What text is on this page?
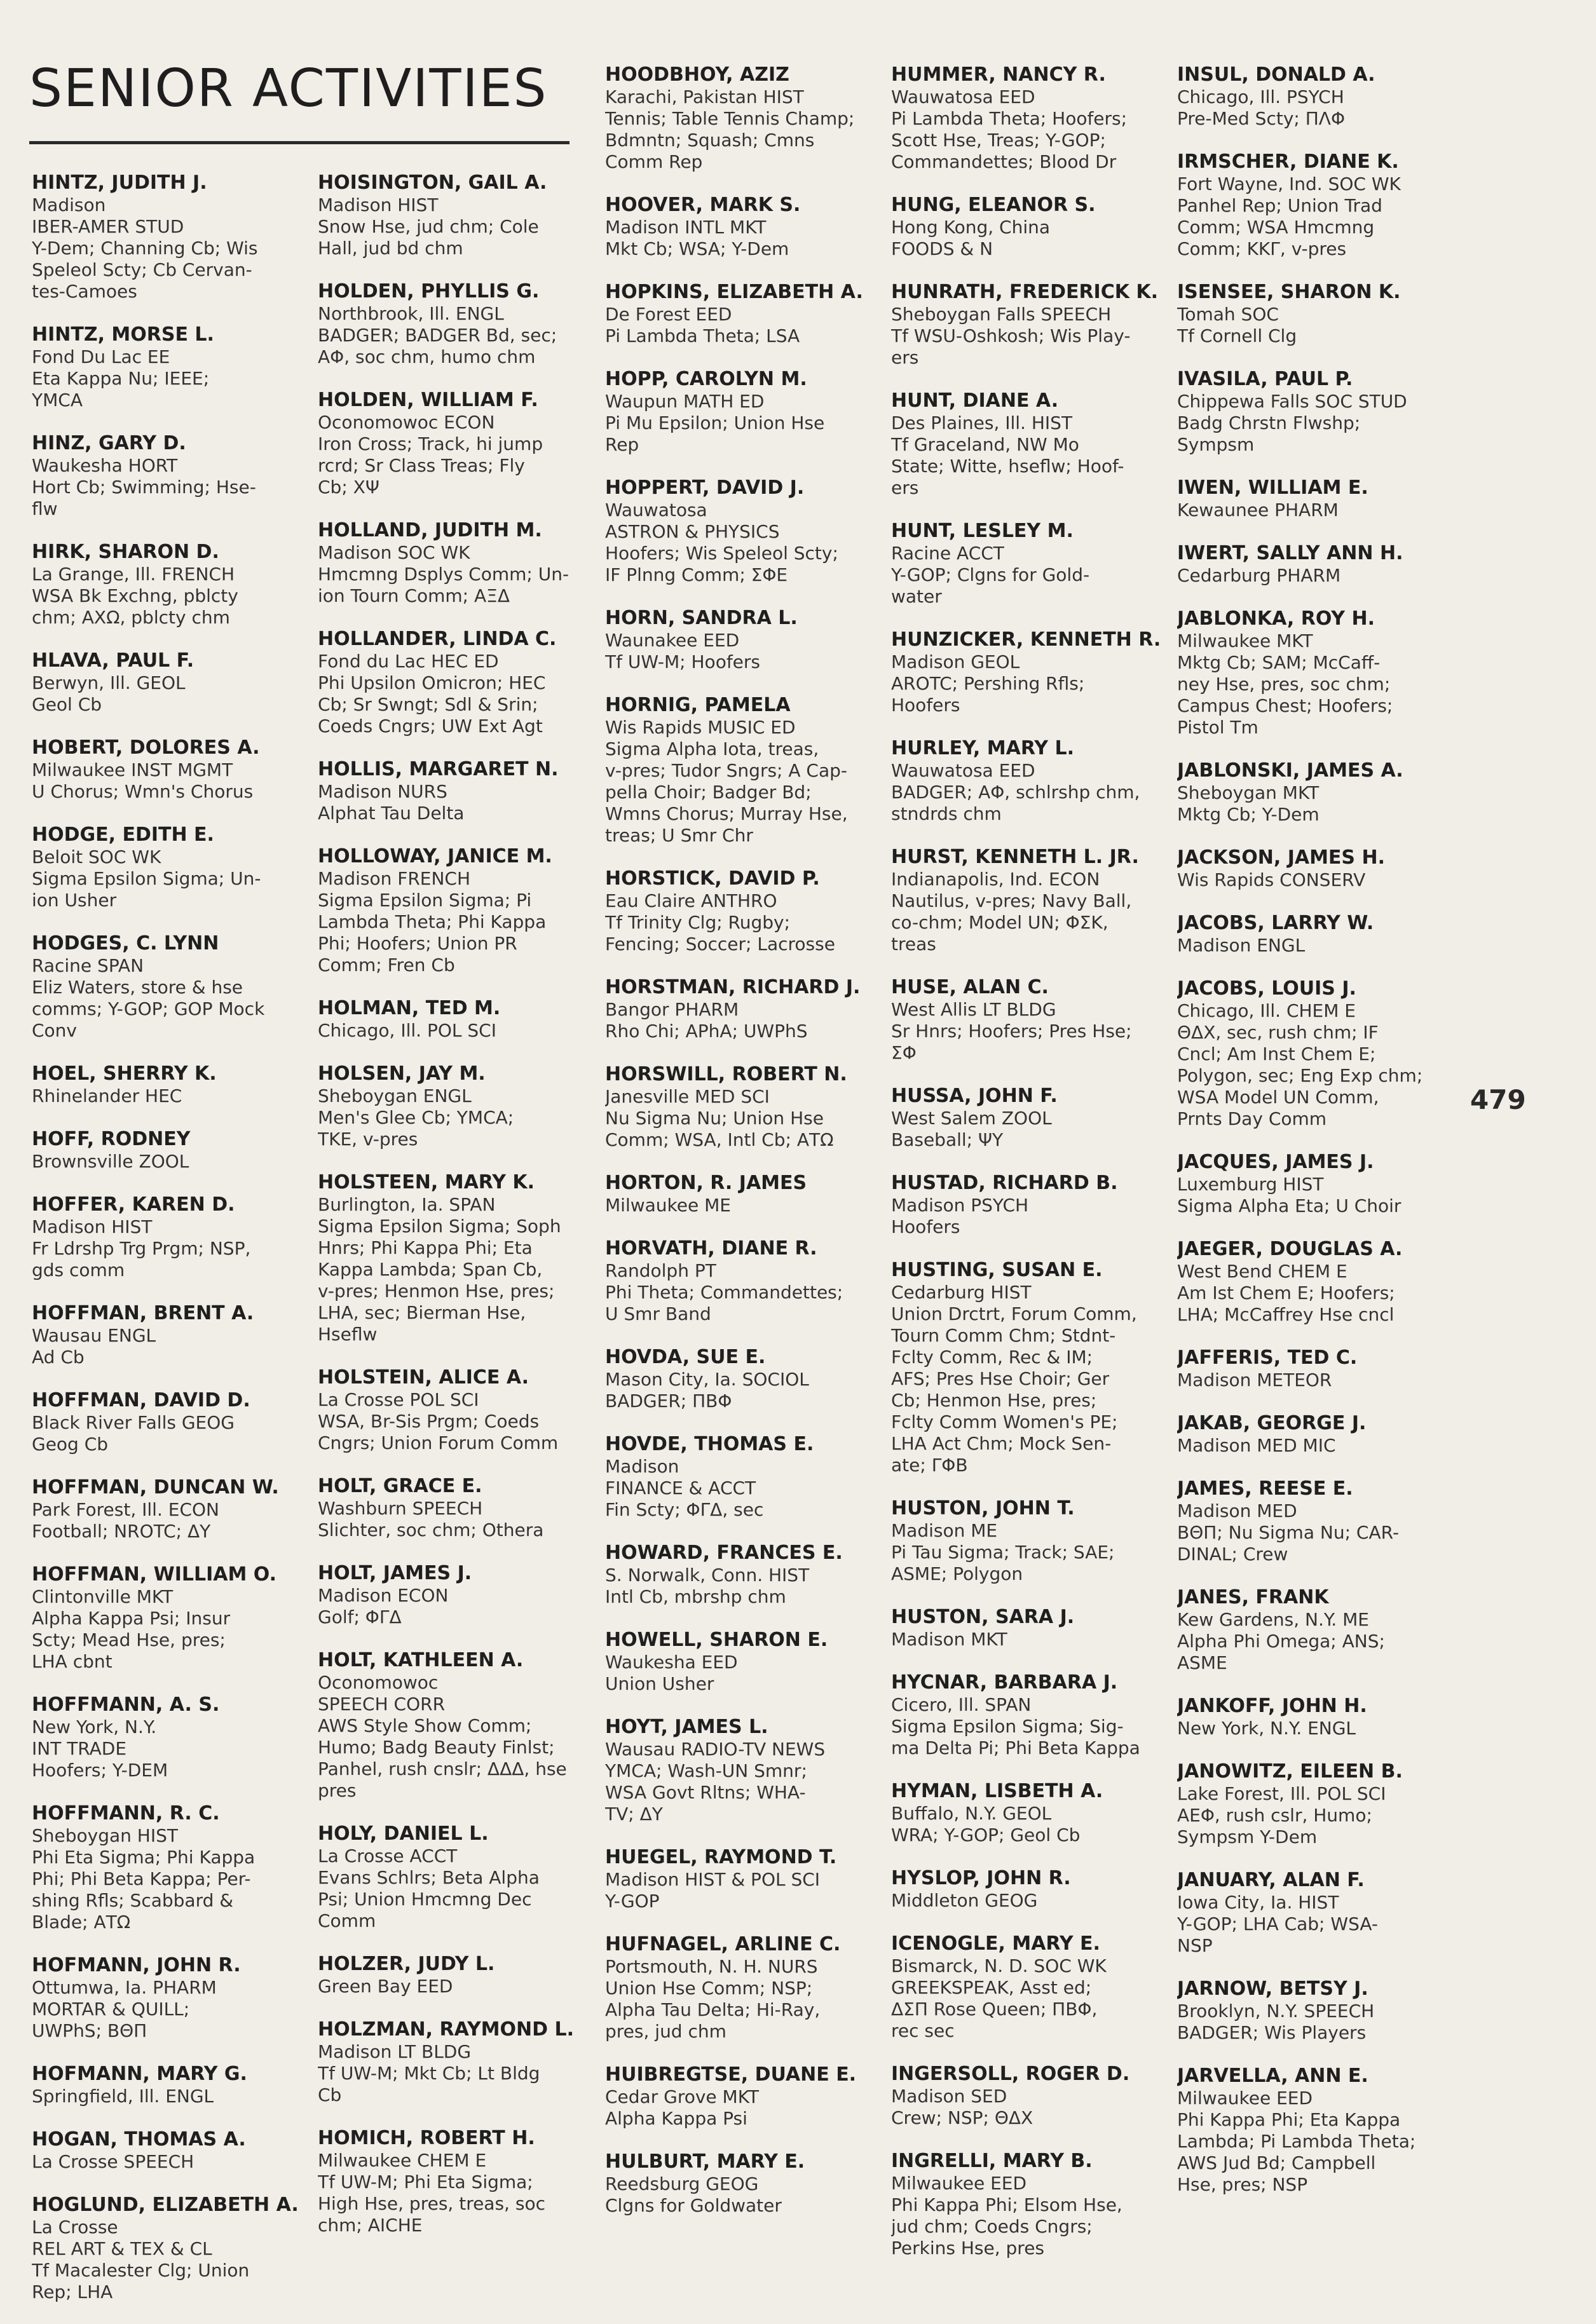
SENIOR ACTIVITIES
HINTZ, JUDITH J.
Madison
IBER-AMER STUD
Y-Dem; Channing Cb; Wis
Speleol Scty; Cb Cervan-
tes-Camoes
HINTZ, MORSE L.
Fond Du Lac EE
Eta Kappa Nu; IEEE;
YMCA
HINZ, GARY D.
Waukesha HORT
Hort Cb; Swimming; Hse-
flw
HIRK, SHARON D.
La Grange, Ill. FRENCH
WSA Bk Exchng, pblcty
chm; ΑΧΩ, pblcty chm
HLAVA, PAUL F.
Berwyn, Ill. GEOL
Geol Cb
HOBERT, DOLORES A.
Milwaukee INST MGMT
U Chorus; Wmn's Chorus
HODGE, EDITH E.
Beloit SOC WK
Sigma Epsilon Sigma; Un-
ion Usher
HODGES, C. LYNN
Racine SPAN
Eliz Waters, store & hse
comms; Y-GOP; GOP Mock
Conv
HOEL, SHERRY K.
Rhinelander HEC
HOFF, RODNEY
Brownsville ZOOL
HOFFER, KAREN D.
Madison HIST
Fr Ldrshp Trg Prgm; NSP,
gds comm
HOFFMAN, BRENT A.
Wausau ENGL
Ad Cb
HOFFMAN, DAVID D.
Black River Falls GEOG
Geog Cb
HOFFMAN, DUNCAN W.
Park Forest, Ill. ECON
Football; NROTC; ΔΥ
HOFFMAN, WILLIAM O.
Clintonville MKT
Alpha Kappa Psi; Insur
Scty; Mead Hse, pres;
LHA cbnt
HOFFMANN, A. S.
New York, N.Y.
INT TRADE
Hoofers; Y-DEM
HOFFMANN, R. C.
Sheboygan HIST
Phi Eta Sigma; Phi Kappa
Phi; Phi Beta Kappa; Per-
shing Rfls; Scabbard &
Blade; ΑΤΩ
HOFMANN, JOHN R.
Ottumwa, Ia. PHARM
MORTAR & QUILL;
UWPhS; ΒΘΠ
HOFMANN, MARY G.
Springfield, Ill. ENGL
HOGAN, THOMAS A.
La Crosse SPEECH
HOGLUND, ELIZABETH A.
La Crosse
REL ART & TEX & CL
Tf Macalester Clg; Union
Rep; LHA
HOISINGTON, GAIL A.
Madison HIST
Snow Hse, jud chm; Cole
Hall, jud bd chm
HOLDEN, PHYLLIS G.
Northbrook, Ill. ENGL
BADGER; BADGER Bd, sec;
ΑΦ, soc chm, humo chm
HOLDEN, WILLIAM F.
Oconomowoc ECON
Iron Cross; Track, hi jump
rcrd; Sr Class Treas; Fly
Cb; ΧΨ
HOLLAND, JUDITH M.
Madison SOC WK
Hmcmng Dsplys Comm; Un-
ion Tourn Comm; ΑΞΔ
HOLLANDER, LINDA C.
Fond du Lac HEC ED
Phi Upsilon Omicron; HEC
Cb; Sr Swngt; Sdl & Srin;
Coeds Cngrs; UW Ext Agt
HOLLIS, MARGARET N.
Madison NURS
Alphat Tau Delta
HOLLOWAY, JANICE M.
Madison FRENCH
Sigma Epsilon Sigma; Pi
Lambda Theta; Phi Kappa
Phi; Hoofers; Union PR
Comm; Fren Cb
HOLMAN, TED M.
Chicago, Ill. POL SCI
HOLSEN, JAY M.
Sheboygan ENGL
Men's Glee Cb; YMCA;
TKE, v-pres
HOLSTEEN, MARY K.
Burlington, Ia. SPAN
Sigma Epsilon Sigma; Soph
Hnrs; Phi Kappa Phi; Eta
Kappa Lambda; Span Cb,
v-pres; Henmon Hse, pres;
LHA, sec; Bierman Hse,
Hseflw
HOLSTEIN, ALICE A.
La Crosse POL SCI
WSA, Br-Sis Prgm; Coeds
Cngrs; Union Forum Comm
HOLT, GRACE E.
Washburn SPEECH
Slichter, soc chm; Othera
HOLT, JAMES J.
Madison ECON
Golf; ΦΓΔ
HOLT, KATHLEEN A.
Oconomowoc
SPEECH CORR
AWS Style Show Comm;
Humo; Badg Beauty Finlst;
Panhel, rush cnslr; ΔΔΔ, hse
pres
HOLY, DANIEL L.
La Crosse ACCT
Evans Schlrs; Beta Alpha
Psi; Union Hmcmng Dec
Comm
HOLZER, JUDY L.
Green Bay EED
HOLZMAN, RAYMOND L.
Madison LT BLDG
Tf UW-M; Mkt Cb; Lt Bldg
Cb
HOMICH, ROBERT H.
Milwaukee CHEM E
Tf UW-M; Phi Eta Sigma;
High Hse, pres, treas, soc
chm; AICHE
HOODBHOY, AZIZ
Karachi, Pakistan HIST
Tennis; Table Tennis Champ;
Bdmntn; Squash; Cmns
Comm Rep
HOOVER, MARK S.
Madison INTL MKT
Mkt Cb; WSA; Y-Dem
HOPKINS, ELIZABETH A.
De Forest EED
Pi Lambda Theta; LSA
HOPP, CAROLYN M.
Waupun MATH ED
Pi Mu Epsilon; Union Hse
Rep
HOPPERT, DAVID J.
Wauwatosa
ASTRON & PHYSICS
Hoofers; Wis Speleol Scty;
IF Plnng Comm; ΣΦΕ
HORN, SANDRA L.
Waunakee EED
Tf UW-M; Hoofers
HORNIG, PAMELA
Wis Rapids MUSIC ED
Sigma Alpha Iota, treas,
v-pres; Tudor Sngrs; A Cap-
pella Choir; Badger Bd;
Wmns Chorus; Murray Hse,
treas; U Smr Chr
HORSTICK, DAVID P.
Eau Claire ANTHRO
Tf Trinity Clg; Rugby;
Fencing; Soccer; Lacrosse
HORSTMAN, RICHARD J.
Bangor PHARM
Rho Chi; APhA; UWPhS
HORSWILL, ROBERT N.
Janesville MED SCI
Nu Sigma Nu; Union Hse
Comm; WSA, Intl Cb; ΑΤΩ
HORTON, R. JAMES
Milwaukee ME
HORVATH, DIANE R.
Randolph PT
Phi Theta; Commandettes;
U Smr Band
HOVDA, SUE E.
Mason City, Ia. SOCIOL
BADGER; ΠΒΦ
HOVDE, THOMAS E.
Madison
FINANCE & ACCT
Fin Scty; ΦΓΔ, sec
HOWARD, FRANCES E.
S. Norwalk, Conn. HIST
Intl Cb, mbrshp chm
HOWELL, SHARON E.
Waukesha EED
Union Usher
HOYT, JAMES L.
Wausau RADIO-TV NEWS
YMCA; Wash-UN Smnr;
WSA Govt Rltns; WHA-
TV; ΔΥ
HUEGEL, RAYMOND T.
Madison HIST & POL SCI
Y-GOP
HUFNAGEL, ARLINE C.
Portsmouth, N. H. NURS
Union Hse Comm; NSP;
Alpha Tau Delta; Hi-Ray,
pres, jud chm
HUIBREGTSE, DUANE E.
Cedar Grove MKT
Alpha Kappa Psi
HULBURT, MARY E.
Reedsburg GEOG
Clgns for Goldwater
HUMMER, NANCY R.
Wauwatosa EED
Pi Lambda Theta; Hoofers;
Scott Hse, Treas; Y-GOP;
Commandettes; Blood Dr
HUNG, ELEANOR S.
Hong Kong, China
FOODS & N
HUNRATH, FREDERICK K.
Sheboygan Falls SPEECH
Tf WSU-Oshkosh; Wis Play-
ers
HUNT, DIANE A.
Des Plaines, Ill. HIST
Tf Graceland, NW Mo
State; Witte, hseflw; Hoof-
ers
HUNT, LESLEY M.
Racine ACCT
Y-GOP; Clgns for Gold-
water
HUNZICKER, KENNETH R.
Madison GEOL
AROTC; Pershing Rfls;
Hoofers
HURLEY, MARY L.
Wauwatosa EED
BADGER; ΑΦ, schlrshp chm,
stndrds chm
HURST, KENNETH L. JR.
Indianapolis, Ind. ECON
Nautilus, v-pres; Navy Ball,
co-chm; Model UN; ΦΣΚ,
treas
HUSE, ALAN C.
West Allis LT BLDG
Sr Hnrs; Hoofers; Pres Hse;
ΣΦ
HUSSA, JOHN F.
West Salem ZOOL
Baseball; ΨΥ
HUSTAD, RICHARD B.
Madison PSYCH
Hoofers
HUSTING, SUSAN E.
Cedarburg HIST
Union Drctrt, Forum Comm,
Tourn Comm Chm; Stdnt-
Fclty Comm, Rec & IM;
AFS; Pres Hse Choir; Ger
Cb; Henmon Hse, pres;
Fclty Comm Women's PE;
LHA Act Chm; Mock Sen-
ate; ΓΦΒ
HUSTON, JOHN T.
Madison ME
Pi Tau Sigma; Track; SAE;
ASME; Polygon
HUSTON, SARA J.
Madison MKT
HYCNAR, BARBARA J.
Cicero, Ill. SPAN
Sigma Epsilon Sigma; Sig-
ma Delta Pi; Phi Beta Kappa
HYMAN, LISBETH A.
Buffalo, N.Y. GEOL
WRA; Y-GOP; Geol Cb
HYSLOP, JOHN R.
Middleton GEOG
ICENOGLE, MARY E.
Bismarck, N. D. SOC WK
GREEKSPEAK, Asst ed;
ΔΣΠ Rose Queen; ΠΒΦ,
rec sec
INGERSOLL, ROGER D.
Madison SED
Crew; NSP; ΘΔΧ
INGRELLI, MARY B.
Milwaukee EED
Phi Kappa Phi; Elsom Hse,
jud chm; Coeds Cngrs;
Perkins Hse, pres
INSUL, DONALD A.
Chicago, Ill. PSYCH
Pre-Med Scty; ΠΛΦ
IRMSCHER, DIANE K.
Fort Wayne, Ind. SOC WK
Panhel Rep; Union Trad
Comm; WSA Hmcmng
Comm; ΚΚΓ, v-pres
ISENSEE, SHARON K.
Tomah SOC
Tf Cornell Clg
IVASILA, PAUL P.
Chippewa Falls SOC STUD
Badg Chrstn Flwshp;
Sympsm
IWEN, WILLIAM E.
Kewaunee PHARM
IWERT, SALLY ANN H.
Cedarburg PHARM
JABLONKA, ROY H.
Milwaukee MKT
Mktg Cb; SAM; McCaff-
ney Hse, pres, soc chm;
Campus Chest; Hoofers;
Pistol Tm
JABLONSKI, JAMES A.
Sheboygan MKT
Mktg Cb; Y-Dem
JACKSON, JAMES H.
Wis Rapids CONSERV
JACOBS, LARRY W.
Madison ENGL
JACOBS, LOUIS J.
Chicago, Ill. CHEM E
ΘΔΧ, sec, rush chm; IF
Cncl; Am Inst Chem E;
Polygon, sec; Eng Exp chm;
WSA Model UN Comm,
Prnts Day Comm
JACQUES, JAMES J.
Luxemburg HIST
Sigma Alpha Eta; U Choir
JAEGER, DOUGLAS A.
West Bend CHEM E
Am Ist Chem E; Hoofers;
LHA; McCaffrey Hse cncl
JAFFERIS, TED C.
Madison METEOR
JAKAB, GEORGE J.
Madison MED MIC
JAMES, REESE E.
Madison MED
ΒΘΠ; Nu Sigma Nu; CAR-
DINAL; Crew
JANES, FRANK
Kew Gardens, N.Y. ME
Alpha Phi Omega; ANS;
ASME
JANKOFF, JOHN H.
New York, N.Y. ENGL
JANOWITZ, EILEEN B.
Lake Forest, Ill. POL SCI
ΑΕΦ, rush cslr, Humo;
Sympsm Y-Dem
JANUARY, ALAN F.
Iowa City, Ia. HIST
Y-GOP; LHA Cab; WSA-
NSP
JARNOW, BETSY J.
Brooklyn, N.Y. SPEECH
BADGER; Wis Players
JARVELLA, ANN E.
Milwaukee EED
Phi Kappa Phi; Eta Kappa
Lambda; Pi Lambda Theta;
AWS Jud Bd; Campbell
Hse, pres; NSP
479
